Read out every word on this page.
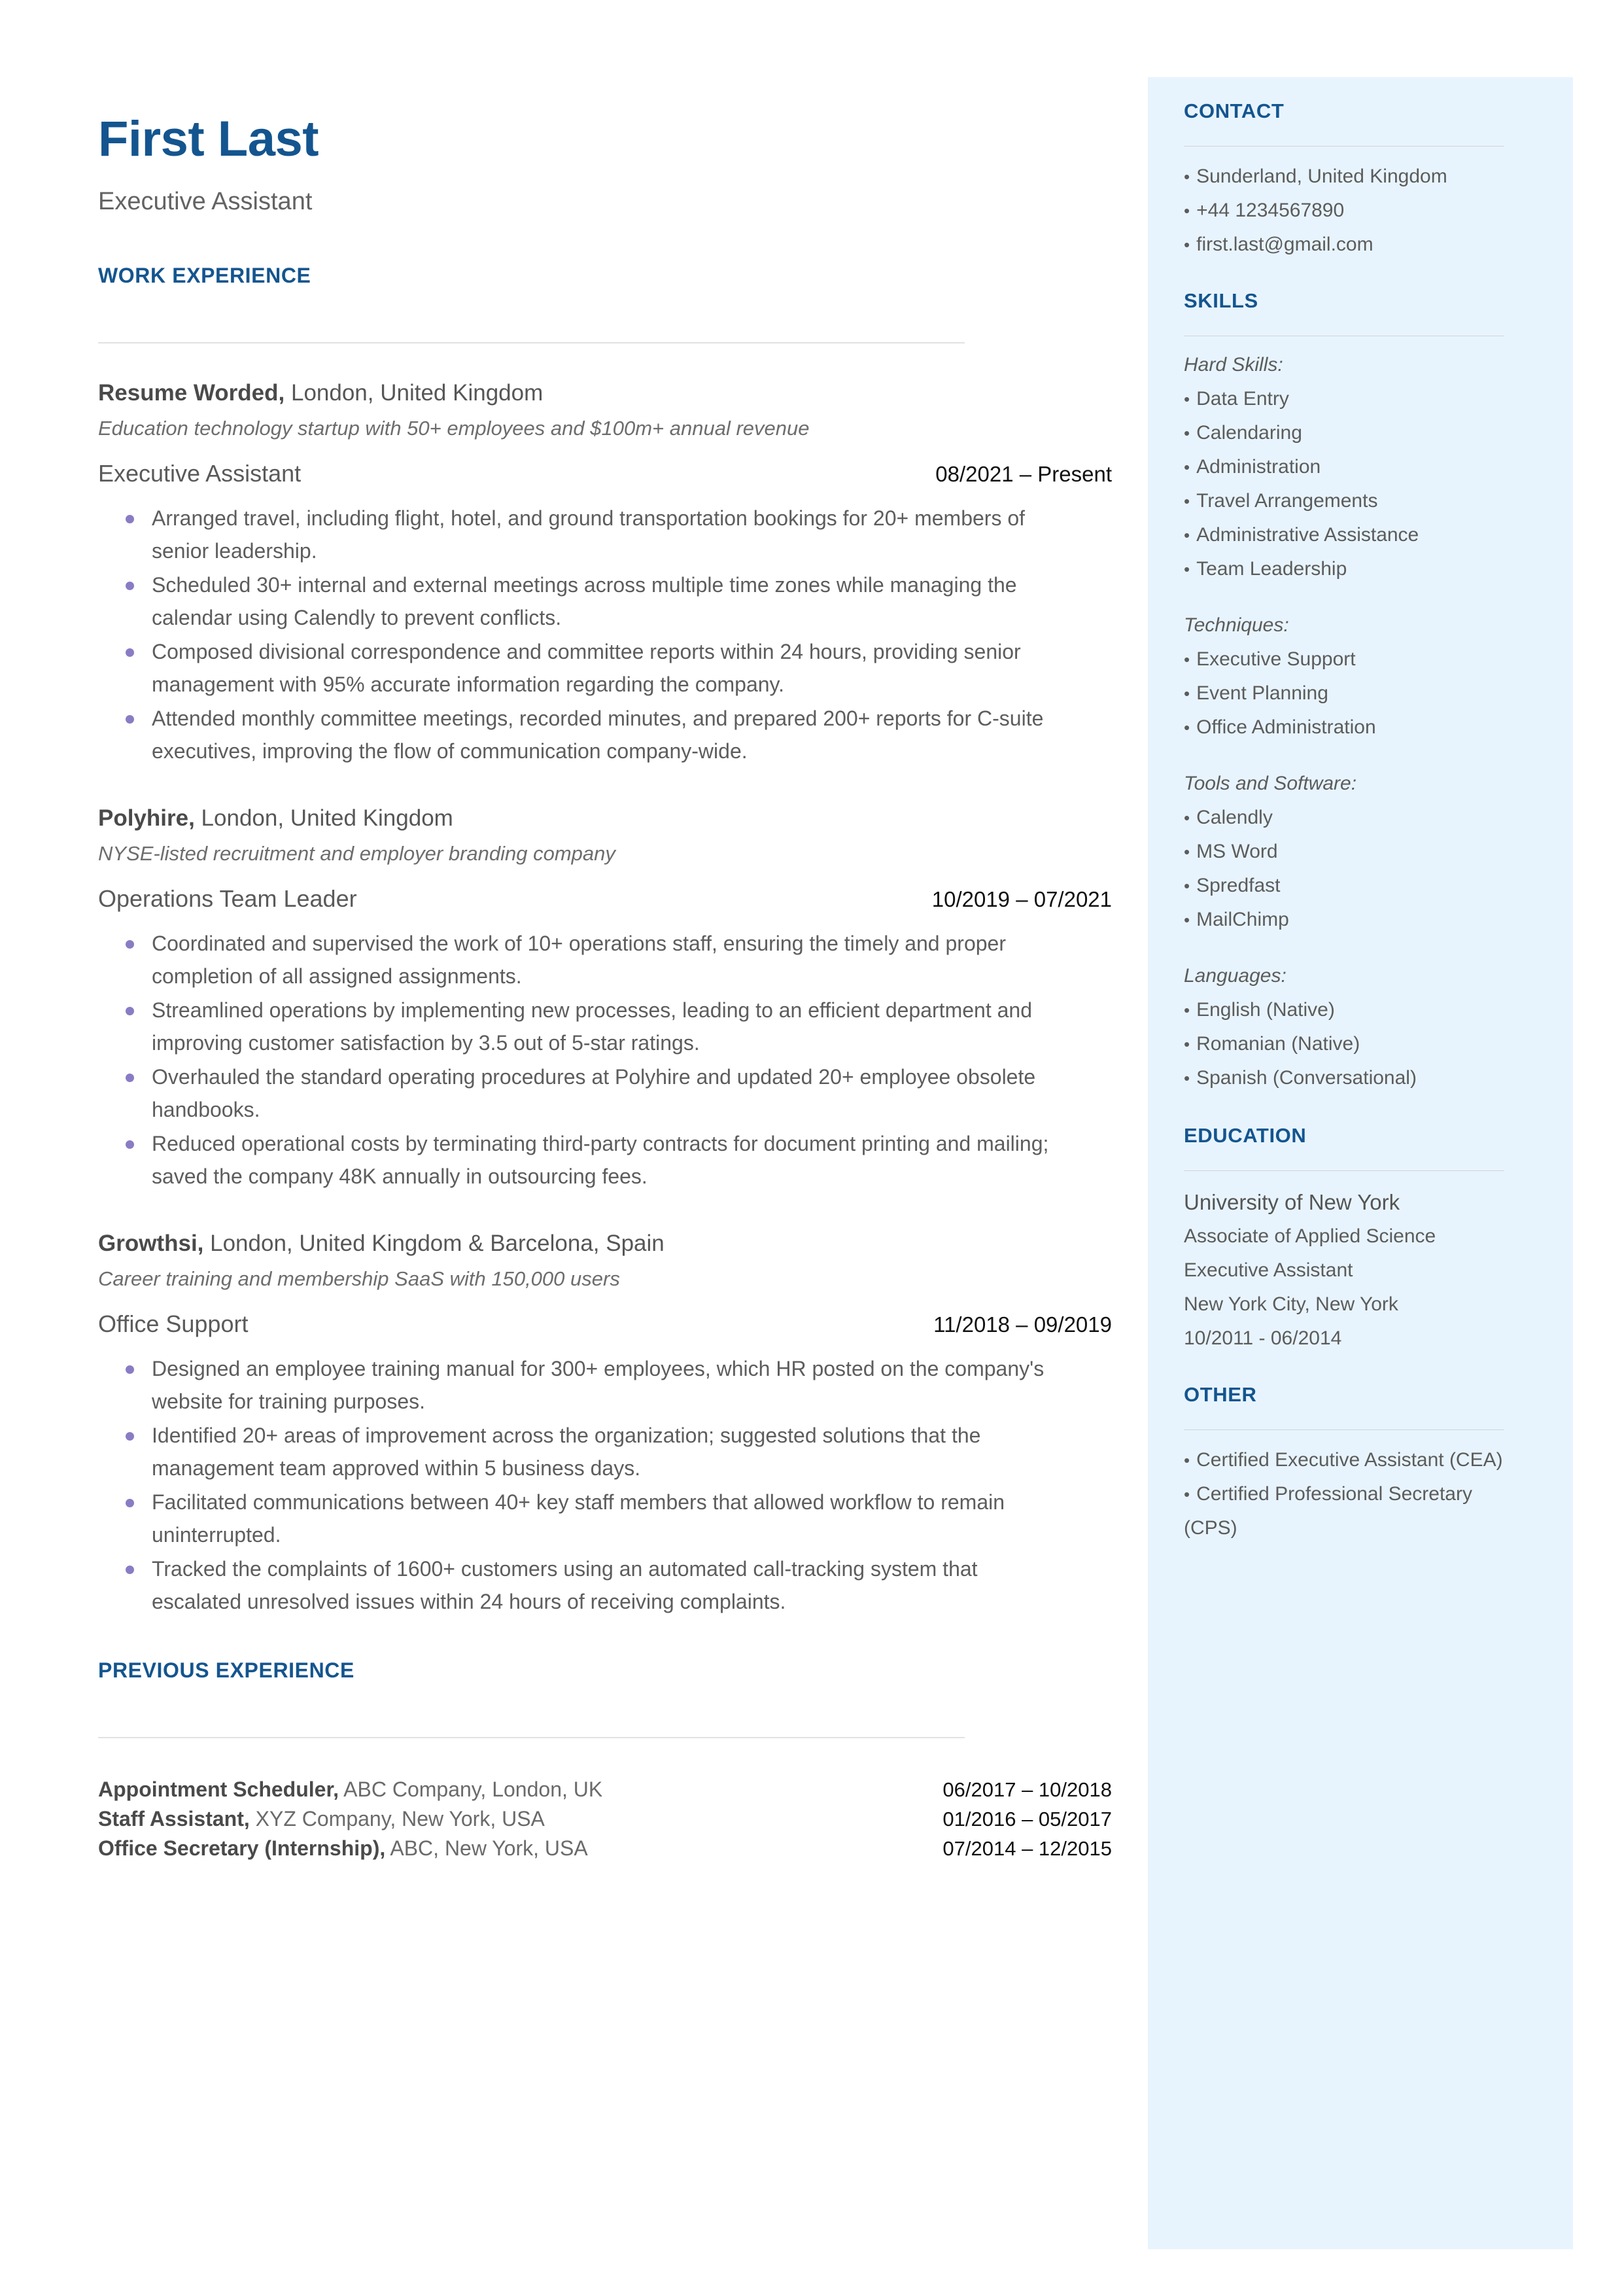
CONTACT
• Sunderland, United Kingdom
• +44 1234567890
• first.last@gmail.com
SKILLS
Hard Skills:
• Data Entry
• Calendaring
• Administration
• Travel Arrangements
• Administrative Assistance
• Team Leadership
Techniques:
• Executive Support
• Event Planning
• Office Administration
Tools and Software:
• Calendly
• MS Word
• Spredfast
• MailChimp
Languages:
• English (Native)
• Romanian (Native)
• Spanish (Conversational)
EDUCATION
University of New York
Associate of Applied Science
Executive Assistant
New York City, New York
10/2011 - 06/2014
OTHER
• Certified Executive Assistant (CEA)
• Certified Professional Secretary (CPS)
First Last
Executive Assistant
WORK EXPERIENCE
Resume Worded, London, United Kingdom
Education technology startup with 50+ employees and $100m+ annual revenue
Executive Assistant	08/2021 – Present
Arranged travel, including flight, hotel, and ground transportation bookings for 20+ members of senior leadership.
Scheduled 30+ internal and external meetings across multiple time zones while managing the calendar using Calendly to prevent conflicts.
Composed divisional correspondence and committee reports within 24 hours, providing senior management with 95% accurate information regarding the company.
Attended monthly committee meetings, recorded minutes, and prepared 200+ reports for C-suite executives, improving the flow of communication company-wide.
Polyhire, London, United Kingdom
NYSE-listed recruitment and employer branding company
Operations Team Leader	10/2019 – 07/2021
Coordinated and supervised the work of 10+ operations staff, ensuring the timely and proper completion of all assigned assignments.
Streamlined operations by implementing new processes, leading to an efficient department and improving customer satisfaction by 3.5 out of 5-star ratings.
Overhauled the standard operating procedures at Polyhire and updated 20+ employee obsolete handbooks.
Reduced operational costs by terminating third-party contracts for document printing and mailing; saved the company 48K annually in outsourcing fees.
Growthsi, London, United Kingdom & Barcelona, Spain
Career training and membership SaaS with 150,000 users
Office Support	11/2018 – 09/2019
Designed an employee training manual for 300+ employees, which HR posted on the company's website for training purposes.
Identified 20+ areas of improvement across the organization; suggested solutions that the management team approved within 5 business days.
Facilitated communications between 40+ key staff members that allowed workflow to remain uninterrupted.
Tracked the complaints of 1600+ customers using an automated call-tracking system that escalated unresolved issues within 24 hours of receiving complaints.
PREVIOUS EXPERIENCE
Appointment Scheduler, ABC Company, London, UK	06/2017 – 10/2018
Staff Assistant, XYZ Company, New York, USA	01/2016 – 05/2017
Office Secretary (Internship), ABC, New York, USA	07/2014 – 12/2015
